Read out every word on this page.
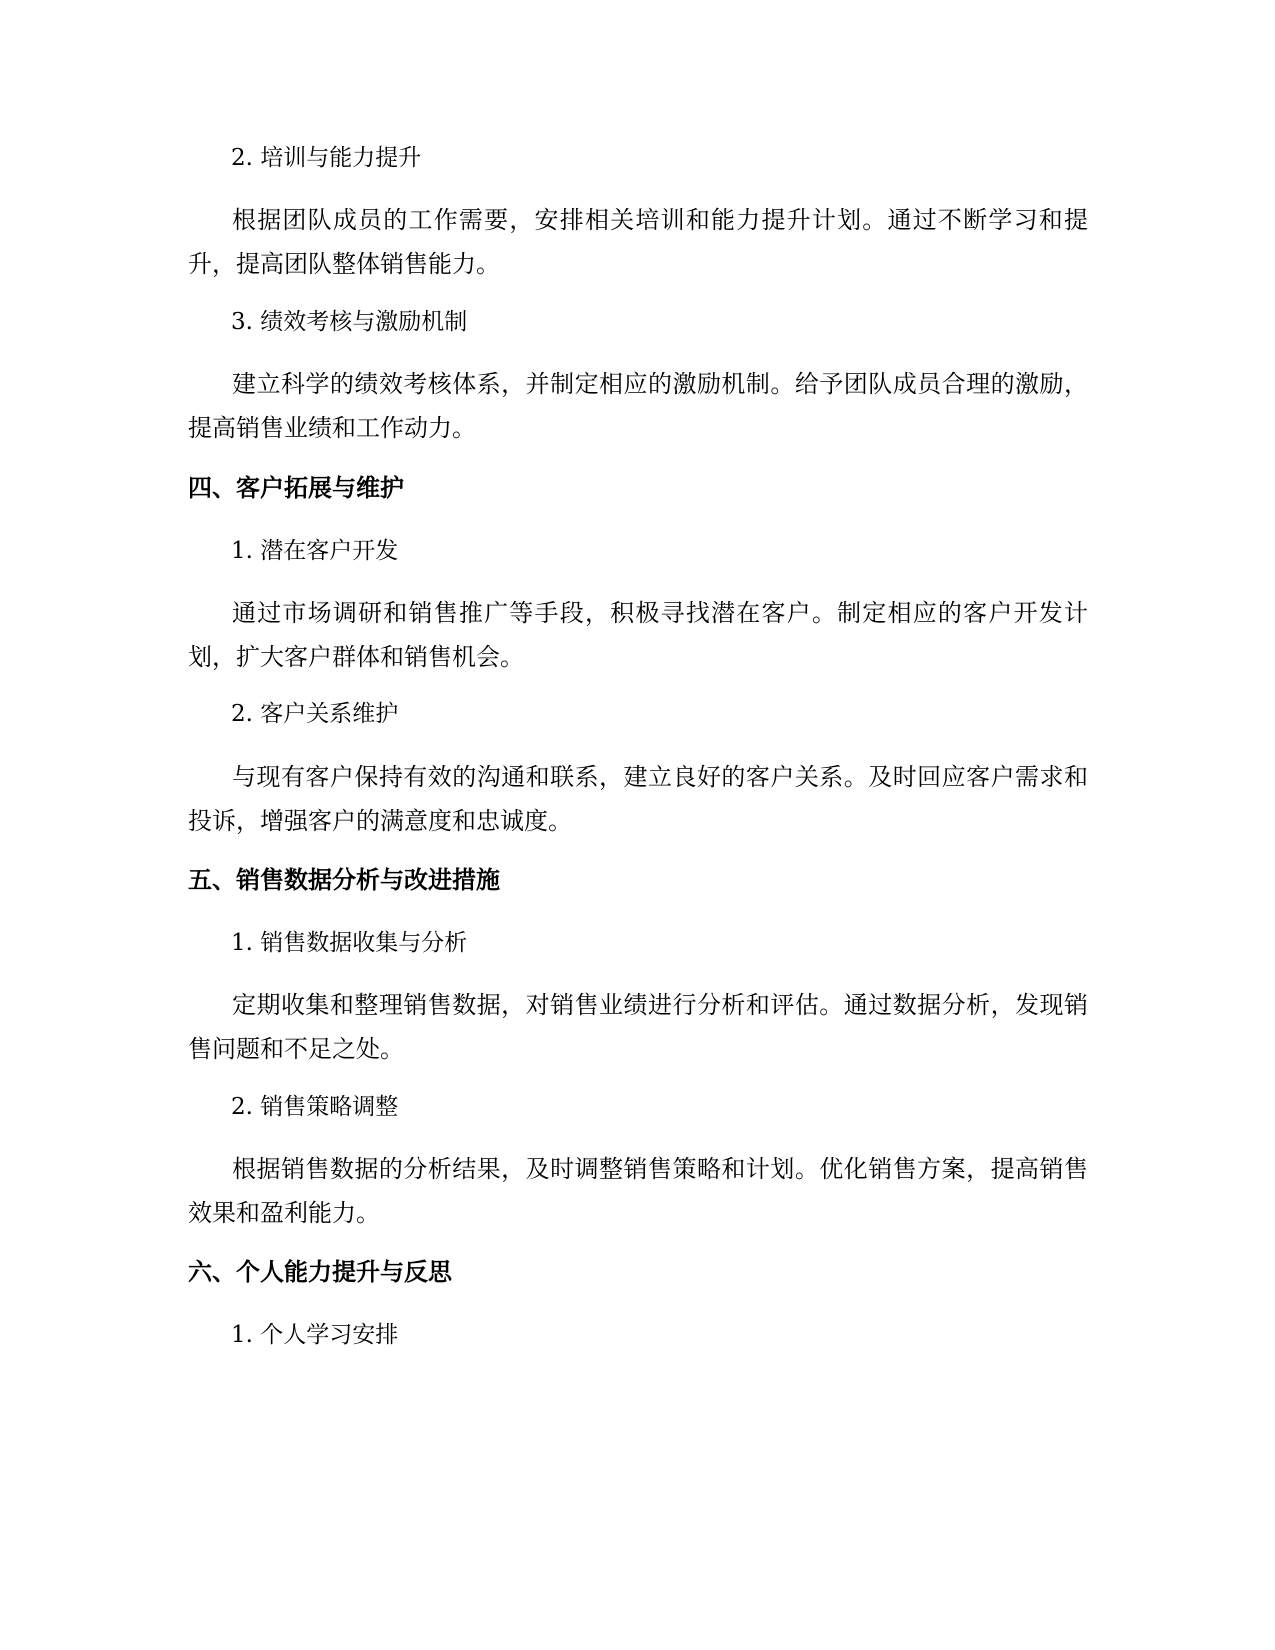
2. 培训与能力提升

根据团队成员的工作需要，安排相关培训和能力提升计划。通过不断学习和提升，提高团队整体销售能力。

3. 绩效考核与激励机制

建立科学的绩效考核体系，并制定相应的激励机制。给予团队成员合理的激励，提高销售业绩和工作动力。

四、客户拓展与维护

1. 潜在客户开发

通过市场调研和销售推广等手段，积极寻找潜在客户。制定相应的客户开发计划，扩大客户群体和销售机会。

2. 客户关系维护

与现有客户保持有效的沟通和联系，建立良好的客户关系。及时回应客户需求和投诉，增强客户的满意度和忠诚度。

五、销售数据分析与改进措施

1. 销售数据收集与分析

定期收集和整理销售数据，对销售业绩进行分析和评估。通过数据分析，发现销售问题和不足之处。

2. 销售策略调整

根据销售数据的分析结果，及时调整销售策略和计划。优化销售方案，提高销售效果和盈利能力。

六、个人能力提升与反思

1. 个人学习安排
